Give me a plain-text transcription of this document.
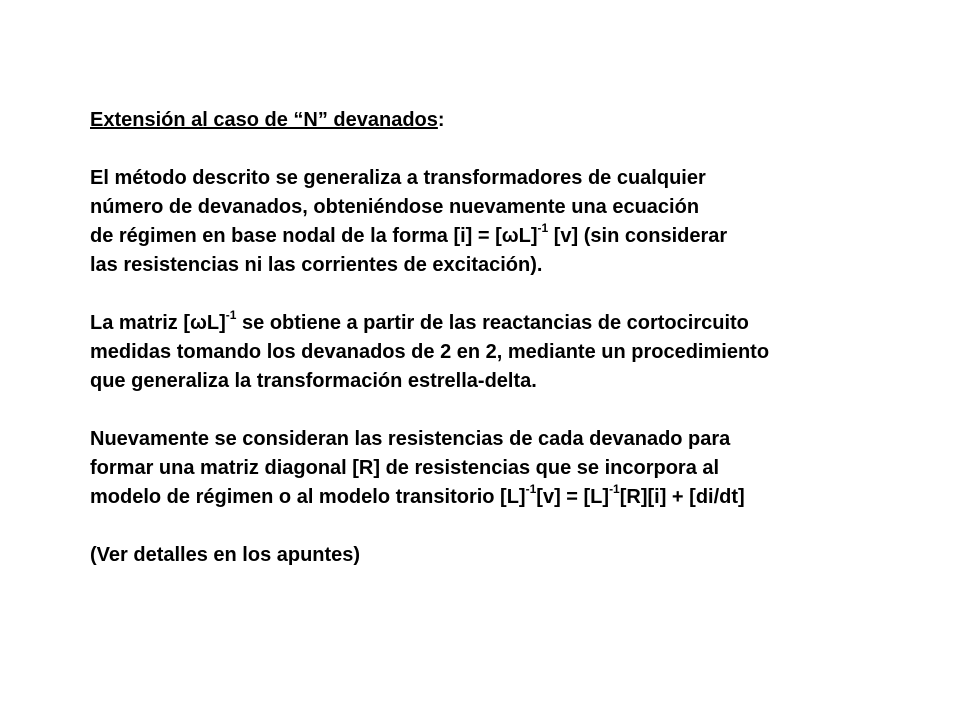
Extensión al caso de “N” devanados:
El método descrito se generaliza a transformadores de cualquier
número de devanados, obteniéndose nuevamente una ecuación
de régimen en base nodal de la forma $[i] = [\omega L]^{-1}$ [v] (sin considerar
las resistencias ni las corrientes de excitación).
La matriz $[\omega L]^{-1}$ se obtiene a partir de las reactancias de cortocircuito
medidas tomando los devanados de 2 en 2, mediante un procedimiento
que generaliza la transformación estrella-delta.
Nuevamente se consideran las resistencias de cada devanado para
formar una matriz diagonal [R] de resistencias que se incorpora al
modelo de régimen o al modelo transitorio $[L]^{-1}[v] = [L]^{-1}[R][i] + [di/dt]$
(Ver detalles en los apuntes)
